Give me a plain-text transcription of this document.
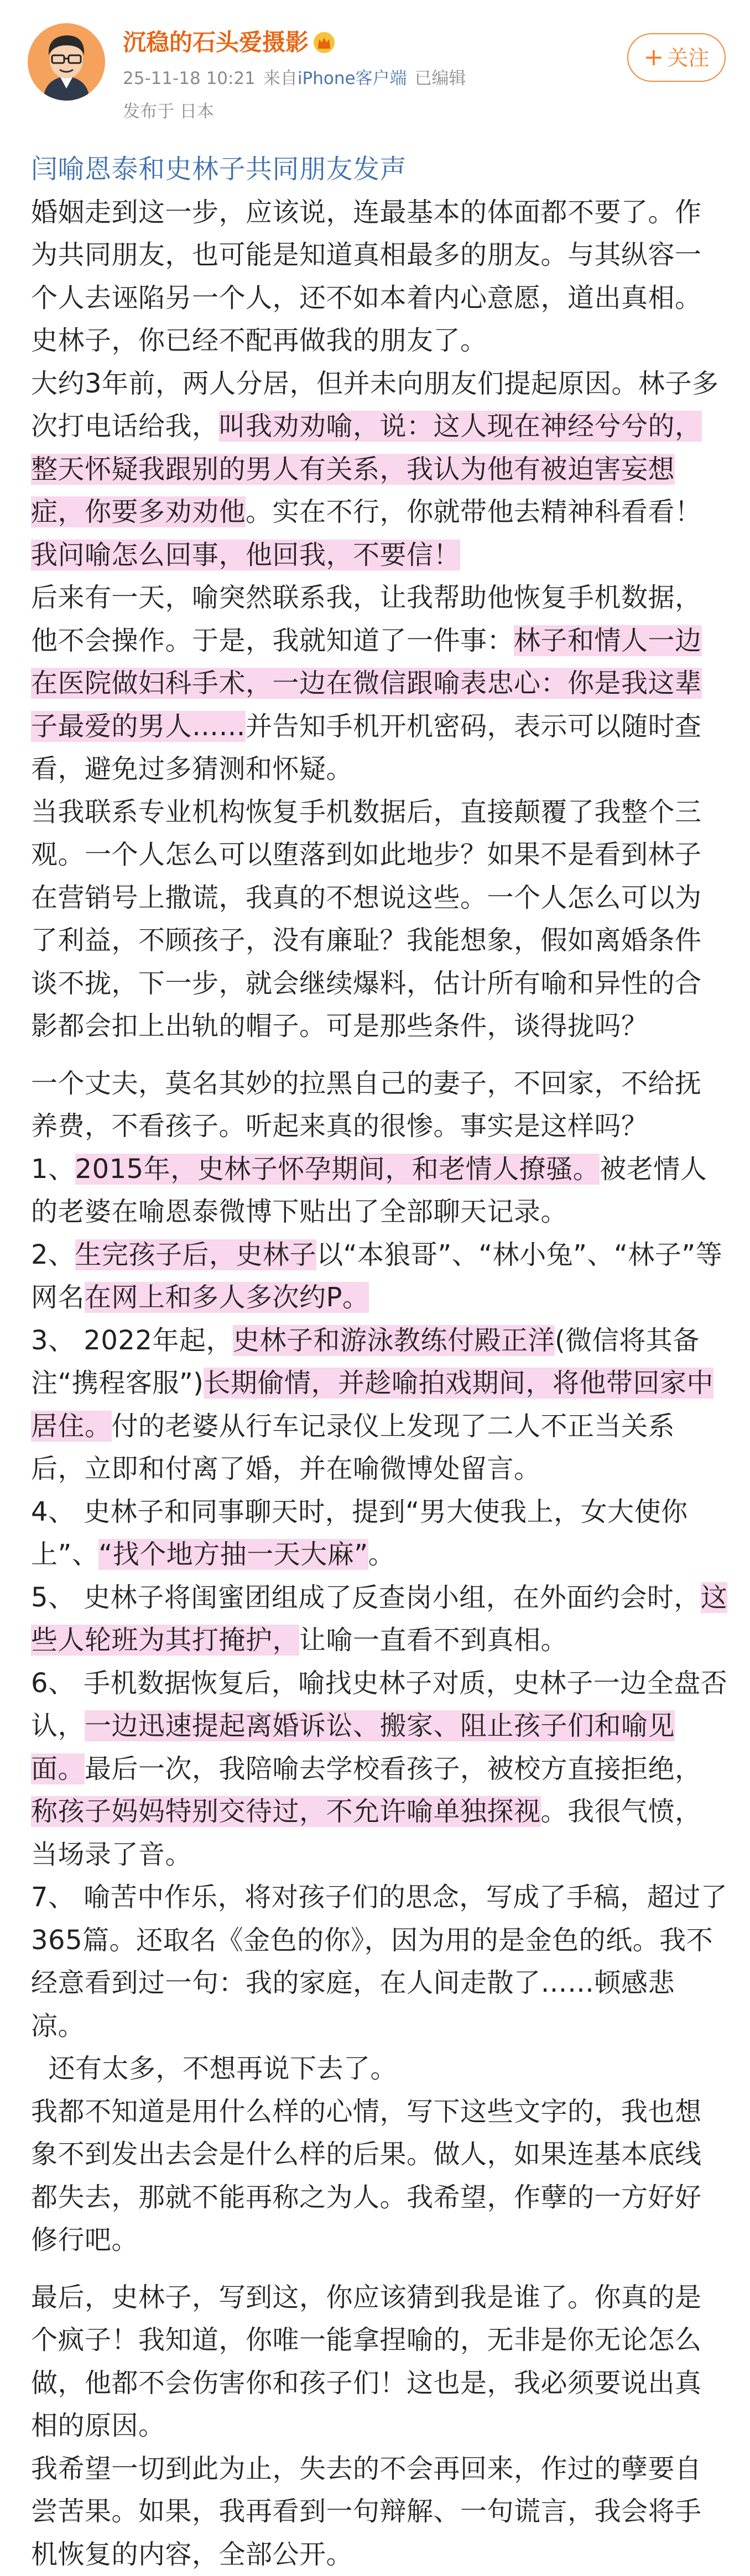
沉稳的石头爱摄影
25-11-18 10:21 来自iPhone客户端 已编辑
发布于 日本
+ 关注

闫喻恩泰和史林子共同朋友发声

婚姻走到这一步，应该说，连最基本的体面都不要了。作为共同朋友，也可能是知道真相最多的朋友。与其纵容一个人去诬陷另一个人，还不如本着内心意愿，道出真相。

史林子，你已经不配再做我的朋友了。

大约3年前，两人分居，但并未向朋友们提起原因。林子多次打电话给我，叫我劝劝喻，说：这人现在神经兮兮的，整天怀疑我跟别的男人有关系，我认为他有被迫害妄想症，你要多劝劝他。实在不行，你就带他去精神科看看！

我问喻怎么回事，他回我，不要信！

后来有一天，喻突然联系我，让我帮助他恢复手机数据，他不会操作。于是，我就知道了一件事：林子和情人一边在医院做妇科手术，一边在微信跟喻表忠心：你是我这辈子最爱的男人……并告知手机开机密码，表示可以随时查看，避免过多猜测和怀疑。

当我联系专业机构恢复手机数据后，直接颠覆了我整个三观。一个人怎么可以堕落到如此地步？如果不是看到林子在营销号上撒谎，我真的不想说这些。一个人怎么可以为了利益，不顾孩子，没有廉耻？我能想象，假如离婚条件谈不拢，下一步，就会继续爆料，估计所有喻和异性的合影都会扣上出轨的帽子。可是那些条件，谈得拢吗？

一个丈夫，莫名其妙的拉黑自己的妻子，不回家，不给抚养费，不看孩子。听起来真的很惨。事实是这样吗？

1、2015年，史林子怀孕期间，和老情人撩骚。被老情人的老婆在喻恩泰微博下贴出了全部聊天记录。

2、生完孩子后，史林子以“本狼哥”、“林小兔”、“林子”等网名在网上和多人多次约P。

3、 2022年起，史林子和游泳教练付殿正洋(微信将其备注“携程客服”)长期偷情，并趁喻拍戏期间，将他带回家中居住。付的老婆从行车记录仪上发现了二人不正当关系后，立即和付离了婚，并在喻微博处留言。

4、 史林子和同事聊天时，提到“男大使我上，女大使你上”、“找个地方抽一天大麻”。

5、 史林子将闺蜜团组成了反查岗小组，在外面约会时，这些人轮班为其打掩护，让喻一直看不到真相。

6、 手机数据恢复后，喻找史林子对质，史林子一边全盘否认，一边迅速提起离婚诉讼、搬家、阻止孩子们和喻见面。最后一次，我陪喻去学校看孩子，被校方直接拒绝，称孩子妈妈特别交待过，不允许喻单独探视。我很气愤，当场录了音。

7、 喻苦中作乐，将对孩子们的思念，写成了手稿，超过了365篇。还取名《金色的你》，因为用的是金色的纸。我不经意看到过一句：我的家庭，在人间走散了……顿感悲凉。

还有太多，不想再说下去了。

我都不知道是用什么样的心情，写下这些文字的，我也想象不到发出去会是什么样的后果。做人，如果连基本底线都失去，那就不能再称之为人。我希望，作孽的一方好好修行吧。

最后，史林子，写到这，你应该猜到我是谁了。你真的是个疯子！我知道，你唯一能拿捏喻的，无非是你无论怎么做，他都不会伤害你和孩子们！这也是，我必须要说出真相的原因。

我希望一切到此为止，失去的不会再回来，作过的孽要自尝苦果。如果，我再看到一句辩解、一句谎言，我会将手机恢复的内容，全部公开。
